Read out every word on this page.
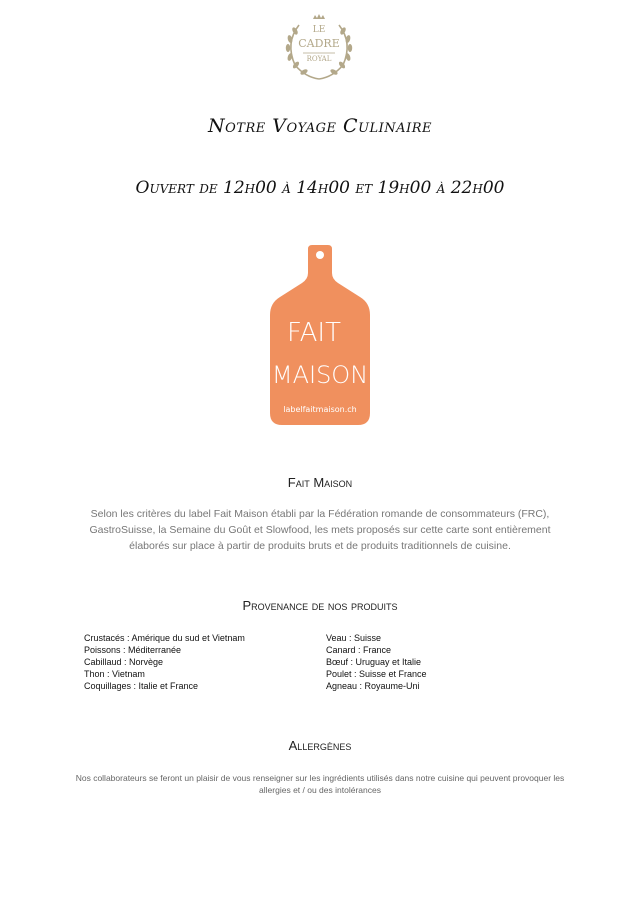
LE
CADRE
ROYAL
Notre Voyage Culinaire
Ouvert de 12h00 à 14h00 et 19h00 à 22h00
FAIT
MAISON
labelfaitmaison.ch
Fait Maison
Selon les critères du label Fait Maison établi par la Fédération romande de consommateurs (FRC), GastroSuisse, la Semaine du Goût et Slowfood, les mets proposés sur cette carte sont entièrement élaborés sur place à partir de produits bruts et de produits traditionnels de cuisine.
Provenance de nos produits
Crustacés : Amérique du sud et Vietnam
Poissons : Méditerranée
Cabillaud : Norvège
Thon : Vietnam
Coquillages : Italie et France
Veau : Suisse
Canard : France
Bœuf : Uruguay et Italie
Poulet : Suisse et France
Agneau : Royaume-Uni
Allergènes
Nos collaborateurs se feront un plaisir de vous renseigner sur les ingrédients utilisés dans notre cuisine qui peuvent provoquer les allergies et / ou des intolérances
